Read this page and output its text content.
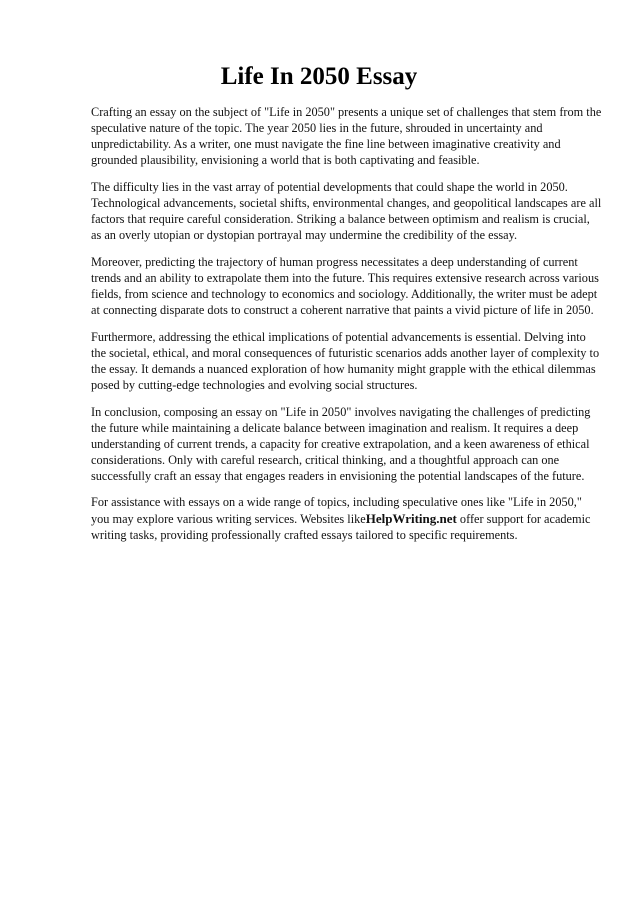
Life In 2050 Essay

Crafting an essay on the subject of "Life in 2050" presents a unique set of challenges that stem from the speculative nature of the topic. The year 2050 lies in the future, shrouded in uncertainty and unpredictability. As a writer, one must navigate the fine line between imaginative creativity and grounded plausibility, envisioning a world that is both captivating and feasible.

The difficulty lies in the vast array of potential developments that could shape the world in 2050. Technological advancements, societal shifts, environmental changes, and geopolitical landscapes are all factors that require careful consideration. Striking a balance between optimism and realism is crucial, as an overly utopian or dystopian portrayal may undermine the credibility of the essay.

Moreover, predicting the trajectory of human progress necessitates a deep understanding of current trends and an ability to extrapolate them into the future. This requires extensive research across various fields, from science and technology to economics and sociology. Additionally, the writer must be adept at connecting disparate dots to construct a coherent narrative that paints a vivid picture of life in 2050.

Furthermore, addressing the ethical implications of potential advancements is essential. Delving into the societal, ethical, and moral consequences of futuristic scenarios adds another layer of complexity to the essay. It demands a nuanced exploration of how humanity might grapple with the ethical dilemmas posed by cutting-edge technologies and evolving social structures.

In conclusion, composing an essay on "Life in 2050" involves navigating the challenges of predicting the future while maintaining a delicate balance between imagination and realism. It requires a deep understanding of current trends, a capacity for creative extrapolation, and a keen awareness of ethical considerations. Only with careful research, critical thinking, and a thoughtful approach can one successfully craft an essay that engages readers in envisioning the potential landscapes of the future.

For assistance with essays on a wide range of topics, including speculative ones like "Life in 2050," you may explore various writing services. Websites likeHelpWriting.net offer support for academic writing tasks, providing professionally crafted essays tailored to specific requirements.
